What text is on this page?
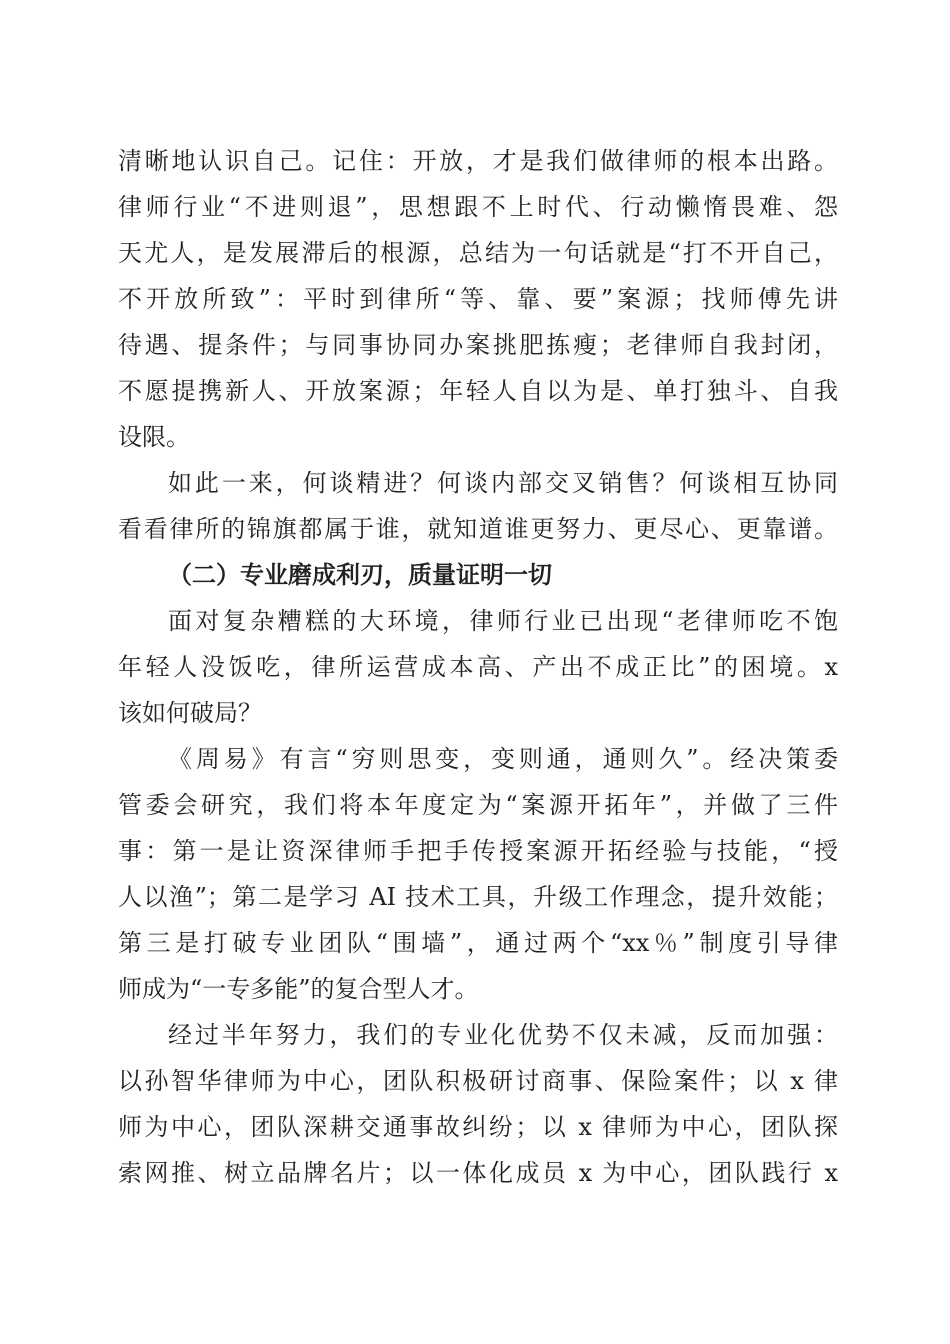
清晰地认识自己。记住：开放，才是我们做律师的根本出路。
律师行业“不进则退”，思想跟不上时代、行动懒惰畏难、怨
天尤人，是发展滞后的根源，总结为一句话就是“打不开自己，
不开放所致”：平时到律所“等、靠、要”案源；找师傅先讲
待遇、提条件；与同事协同办案挑肥拣瘦；老律师自我封闭，
不愿提携新人、开放案源；年轻人自以为是、单打独斗、自我
设限。
如此一来，何谈精进？何谈内部交叉销售？何谈相互协同
看看律所的锦旗都属于谁，就知道谁更努力、更尽心、更靠谱。
（二）专业磨成利刃，质量证明一切
面对复杂糟糕的大环境，律师行业已出现“老律师吃不饱
年轻人没饭吃，律所运营成本高、产出不成正比”的困境。x
该如何破局？
《周易》有言“穷则思变，变则通，通则久”。经决策委
管委会研究，我们将本年度定为“案源开拓年”，并做了三件
事：第一是让资深律师手把手传授案源开拓经验与技能，“授
人以渔”；第二是学习 AI 技术工具，升级工作理念，提升效能；
第三是打破专业团队“围墙”，通过两个“xx％”制度引导律
师成为“一专多能”的复合型人才。
经过半年努力，我们的专业化优势不仅未减，反而加强：
以孙智华律师为中心，团队积极研讨商事、保险案件；以 x 律
师为中心，团队深耕交通事故纠纷；以 x 律师为中心，团队探
索网推、树立品牌名片；以一体化成员 x 为中心，团队践行 x
